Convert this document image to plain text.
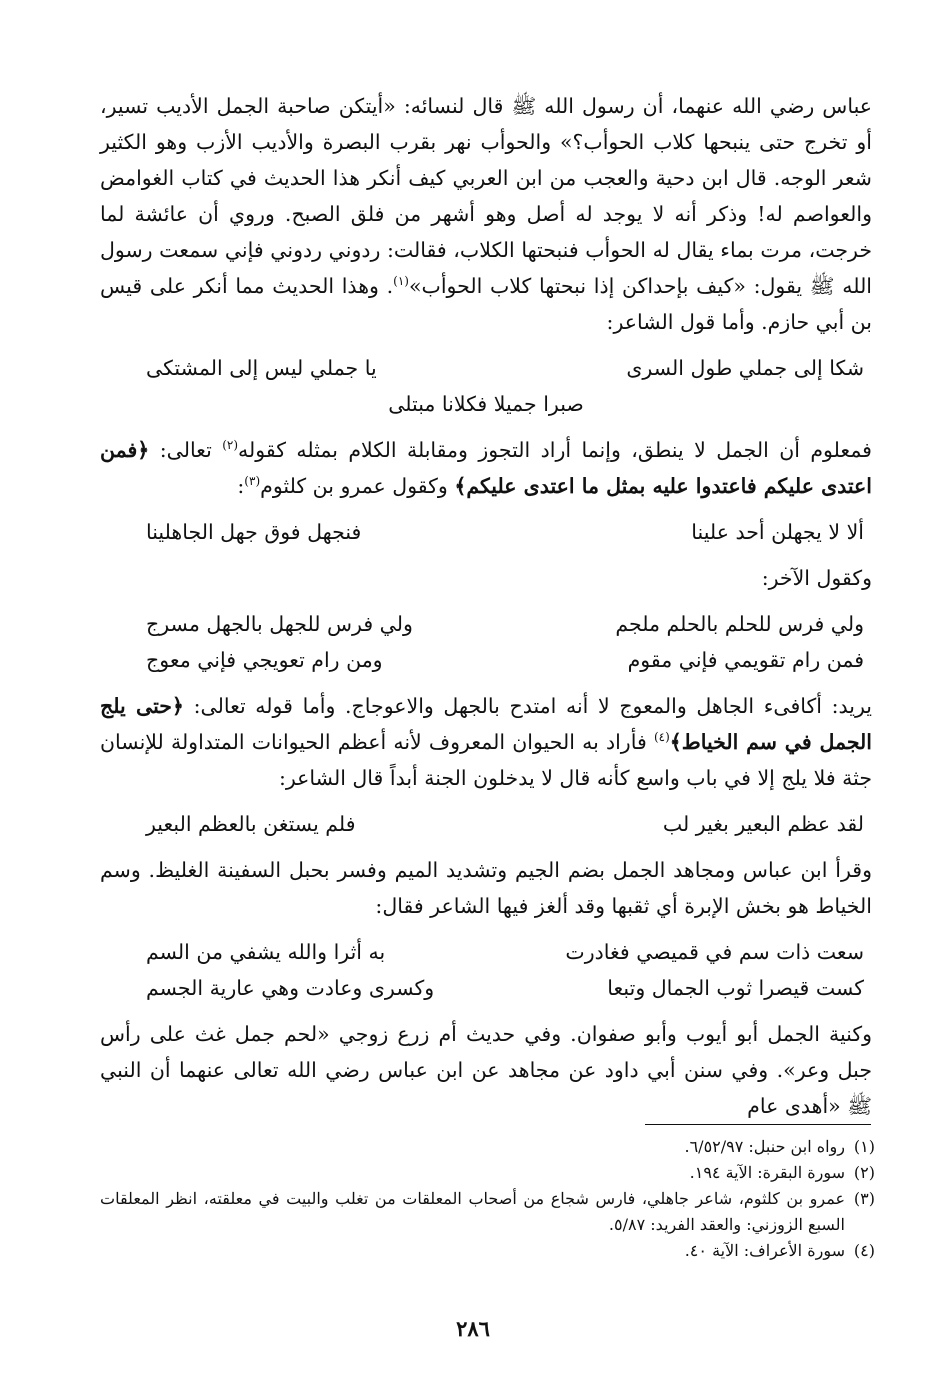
عباس رضي الله عنهما، أن رسول الله ﷺ قال لنسائه: «أيتكن صاحبة الجمل الأديب تسير، أو تخرج حتى ينبحها كلاب الحوأب؟» والحوأب نهر بقرب البصرة والأديب الأزب وهو الكثير شعر الوجه. قال ابن دحية والعجب من ابن العربي كيف أنكر هذا الحديث في كتاب الغوامض والعواصم له! وذكر أنه لا يوجد له أصل وهو أشهر من فلق الصبح. وروي أن عائشة لما خرجت، مرت بماء يقال له الحوأب فنبحتها الكلاب، فقالت: ردوني ردوني فإني سمعت رسول الله ﷺ يقول: «كيف بإحداكن إذا نبحتها كلاب الحوأب»$^{(١)}$. وهذا الحديث مما أنكر على قيس بن أبي حازم. وأما قول الشاعر:

شكا إلى جملي طول السرى
يا جملي ليس إلى المشتكى

صبرا جميلا فكلانا مبتلى

فمعلوم أن الجمل لا ينطق، وإنما أراد التجوز ومقابلة الكلام بمثله كقوله$^{(٢)}$ تعالى: ﴿فمن اعتدى عليكم فاعتدوا عليه بمثل ما اعتدى عليكم﴾ وكقول عمرو بن كلثوم$^{(٣)}$:

ألا لا يجهلن أحد علينا
فنجهل فوق جهل الجاهلينا

وكقول الآخر:

ولي فرس للحلم بالحلم ملجم
ولي فرس للجهل بالجهل مسرج
فمن رام تقويمي فإني مقوم
ومن رام تعويجي فإني معوج

يريد: أكافىء الجاهل والمعوج لا أنه امتدح بالجهل والاعوجاج. وأما قوله تعالى: ﴿حتى يلج الجمل في سم الخياط﴾$^{(٤)}$ فأراد به الحيوان المعروف لأنه أعظم الحيوانات المتداولة للإنسان جثة فلا يلج إلا في باب واسع كأنه قال لا يدخلون الجنة أبداً قال الشاعر:

لقد عظم البعير بغير لب
فلم يستغن بالعظم البعير

وقرأ ابن عباس ومجاهد الجمل بضم الجيم وتشديد الميم وفسر بحبل السفينة الغليظ. وسم الخياط هو بخش الإبرة أي ثقبها وقد ألغز فيها الشاعر فقال:

سعت ذات سم في قميصي فغادرت
به أثرا والله يشفي من السم
كست قيصرا ثوب الجمال وتبعا
وكسرى وعادت وهي عارية الجسم

وكنية الجمل أبو أيوب وأبو صفوان. وفي حديث أم زرع زوجي «لحم جمل غث على رأس جبل وعر». وفي سنن أبي داود عن مجاهد عن ابن عباس رضي الله تعالى عنهما أن النبي ﷺ «أهدى عام

(١)
رواه ابن حنبل: ٦/٥٢/٩٧.
(٢)
سورة البقرة: الآية ١٩٤.
(٣)
عمرو بن كلثوم، شاعر جاهلي، فارس شجاع من أصحاب المعلقات من تغلب والبيت في معلقته، انظر المعلقات السبع الزوزني: والعقد الفريد: ٥/٨٧.
(٤)
سورة الأعراف: الآية ٤٠.
٢٨٦
